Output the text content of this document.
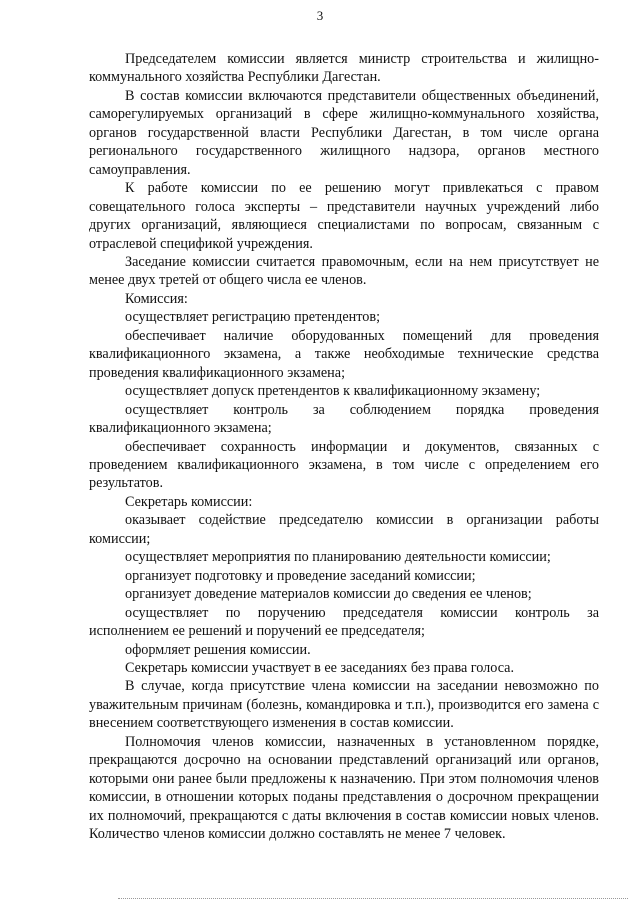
3

Председателем комиссии является министр строительства и жилищно-коммунального хозяйства Республики Дагестан.

В состав комиссии включаются представители общественных объединений, саморегулируемых организаций в сфере жилищно-коммунального хозяйства, органов государственной власти Республики Дагестан, в том числе органа регионального государственного жилищного надзора, органов местного самоуправления.

К работе комиссии по ее решению могут привлекаться с правом совещательного голоса эксперты – представители научных учреждений либо других организаций, являющиеся специалистами по вопросам, связанным с отраслевой спецификой учреждения.

Заседание комиссии считается правомочным, если на нем присутствует не менее двух третей от общего числа ее членов.

Комиссия:

осуществляет регистрацию претендентов;

обеспечивает наличие оборудованных помещений для проведения квалификационного экзамена, а также необходимые технические средства проведения квалификационного экзамена;

осуществляет допуск претендентов к квалификационному экзамену;

осуществляет контроль за соблюдением порядка проведения квалификационного экзамена;

обеспечивает сохранность информации и документов, связанных с проведением квалификационного экзамена, в том числе с определением его результатов.

Секретарь комиссии:

оказывает содействие председателю комиссии в организации работы комиссии;

осуществляет мероприятия по планированию деятельности комиссии;

организует подготовку и проведение заседаний комиссии;

организует доведение материалов комиссии до сведения ее членов;

осуществляет по поручению председателя комиссии контроль за исполнением ее решений и поручений ее председателя;

оформляет решения комиссии.

Секретарь комиссии участвует в ее заседаниях без права голоса.

В случае, когда присутствие члена комиссии на заседании невозможно по уважительным причинам (болезнь, командировка и т.п.), производится его замена с внесением соответствующего изменения в состав комиссии.

Полномочия членов комиссии, назначенных в установленном порядке, прекращаются досрочно на основании представлений организаций или органов, которыми они ранее были предложены к назначению. При этом полномочия членов комиссии, в отношении которых поданы представления о досрочном прекращении их полномочий, прекращаются с даты включения в состав комиссии новых членов. Количество членов комиссии должно составлять не менее 7 человек.
